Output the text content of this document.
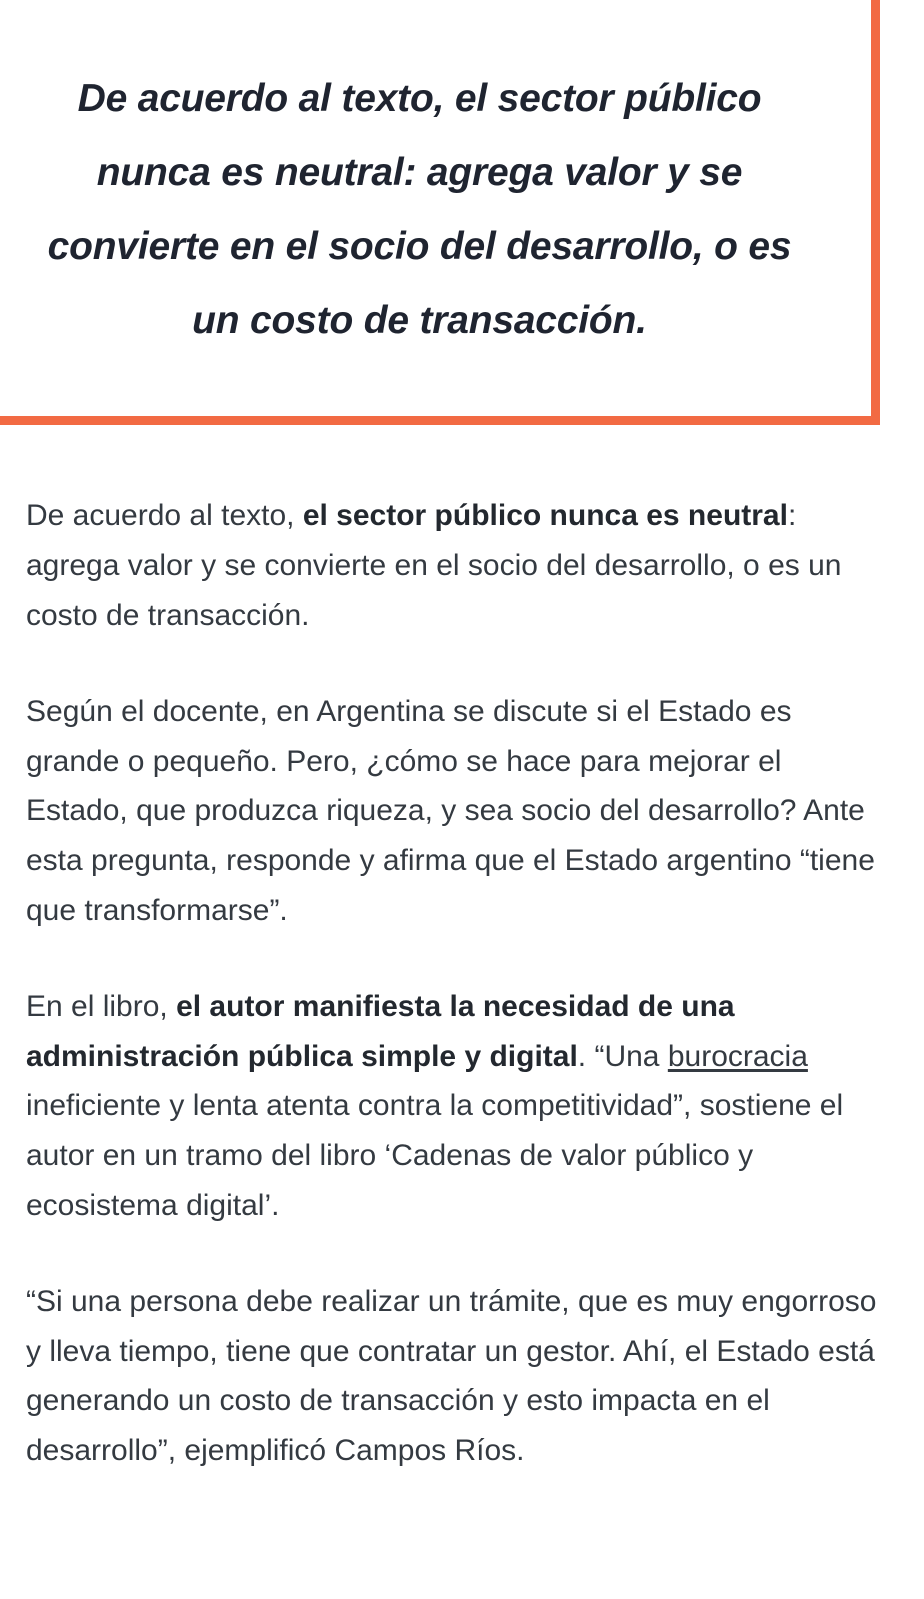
De acuerdo al texto, el sector público nunca es neutral: agrega valor y se convierte en el socio del desarrollo, o es un costo de transacción.

De acuerdo al texto, el sector público nunca es neutral: agrega valor y se convierte en el socio del desarrollo, o es un costo de transacción.

Según el docente, en Argentina se discute si el Estado es grande o pequeño. Pero, ¿cómo se hace para mejorar el Estado, que produzca riqueza, y sea socio del desarrollo? Ante esta pregunta, responde y afirma que el Estado argentino “tiene que transformarse”.

En el libro, el autor manifiesta la necesidad de una administración pública simple y digital. “Una burocracia ineficiente y lenta atenta contra la competitividad”, sostiene el autor en un tramo del libro ‘Cadenas de valor público y ecosistema digital’.

“Si una persona debe realizar un trámite, que es muy engorroso y lleva tiempo, tiene que contratar un gestor. Ahí, el Estado está generando un costo de transacción y esto impacta en el desarrollo”, ejemplificó Campos Ríos.
